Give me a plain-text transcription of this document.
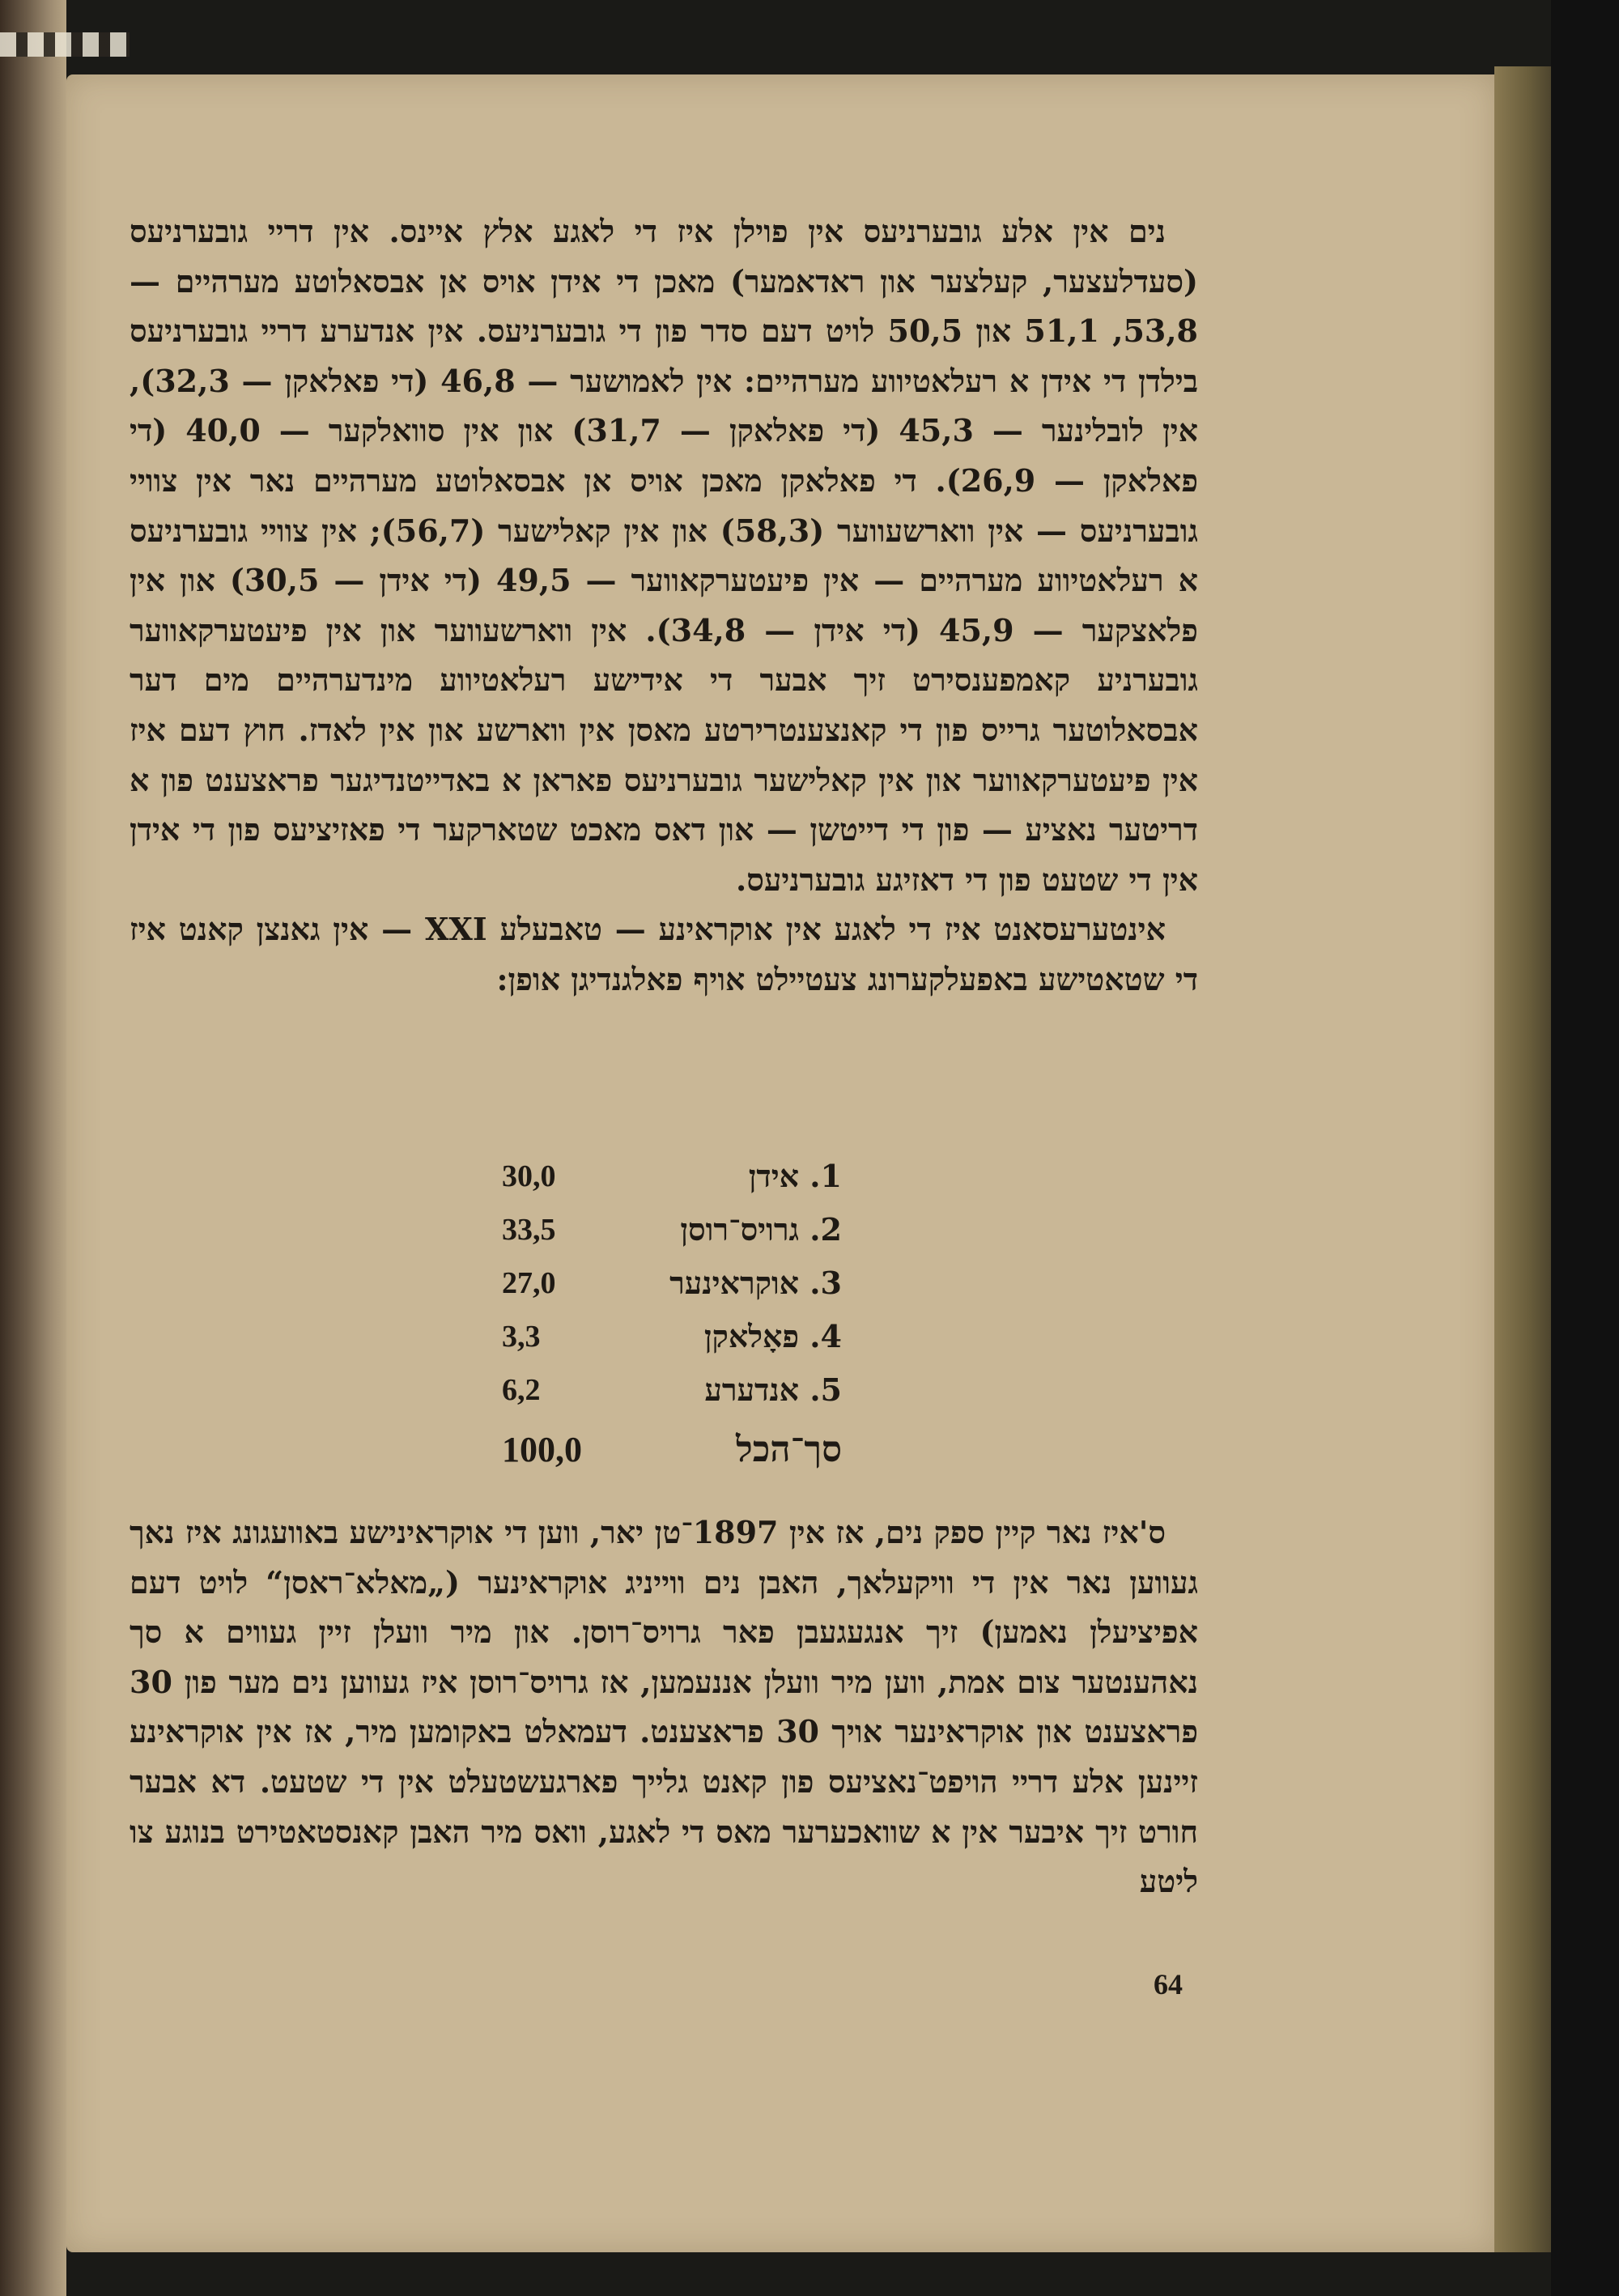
נים אין אלע גובערניעס אין פוילן איז די לאגע אלץ איינס. אין דריי גובערניעס (סעדלעצער, קעלצער און ראדאמער) מאכן די אידן אויס אן אבסאלוטע מערהיים — 53,8, 51,1 און 50,5 לויט דעם סדר פון די גובערניעס. אין אנדערע דריי גובערניעס בילדן די אידן א רעלאטיווע מערהיים: אין לאמושער — 46,8 (די פאלאקן — 32,3), אין לובלינער — 45,3 (די פאלאקן — 31,7) און אין סוואלקער — 40,0 (די פאלאקן — 26,9). די פאלאקן מאכן אויס אן אבסאלוטע מערהיים נאר אין צוויי גובערניעס — אין ווארשעווער (58,3) און אין קאלישער (56,7); אין צוויי גובערניעס א רעלאטיווע מערהיים — אין פיעטערקאווער — 49,5 (די אידן — 30,5) און אין פלאצקער — 45,9 (די אידן — 34,8). אין ווארשעווער און אין פיעטערקאווער גובערניע קאמפענסירט זיך אבער די אידישע רעלאטיווע מינדערהיים מים דער אבסאלוטער גרייס פון די קאנצענטרירטע מאסן אין ווארשע און אין לאדז. חוץ דעם איז אין פיעטערקאווער און אין קאלישער גובערניעס פאראן א באדייטנדיגער פראצענט פון א דריטער נאציע — פון די דייטשן — און דאס מאכט שטארקער די פאזיציעס פון די אידן אין די שטעט פון די דאזיגע גובערניעס.

אינטערעסאנט איז די לאגע אין אוקראינע — טאבעלע XXI — אין גאנצן קאנט איז די שטאטישע באפעלקערונג צעטיילט אויף פאלגנדיגן אופן:

1. אידן
30,0
2. גרויס־רוסן
33,5
3. אוקראינער
27,0
4. פאָלאקן
3,3
5. אנדערע
6,2
סך־הכל
100,0

ס'איז נאר קיין ספק נים, אז אין 1897־טן יאר, ווען די אוקראינישע באוועגונג איז נאך געווען נאר אין די וויקעלאך, האבן נים ווייניג אוקראינער („מאלא־ראסן“ לויט דעם אפיציעלן נאמען) זיך אנגעגעבן פאר גרויס־רוסן. און מיר וועלן זיין געווים א סך נאהענטער צום אמת, ווען מיר וועלן אננעמען, אז גרויס־רוסן איז געווען נים מער פון 30 פראצענט און אוקראינער אויך 30 פראצענט. דעמאלט באקומען מיר, אז אין אוקראינע זיינען אלע דריי הויפט־נאציעס פון קאנט גלייך פארגעשטעלט אין די שטעט. דא אבער חורט זיך איבער אין א שוואכערער מאס די לאגע, וואס מיר האבן קאנסטאטירט בנוגע צו ליטע

64
